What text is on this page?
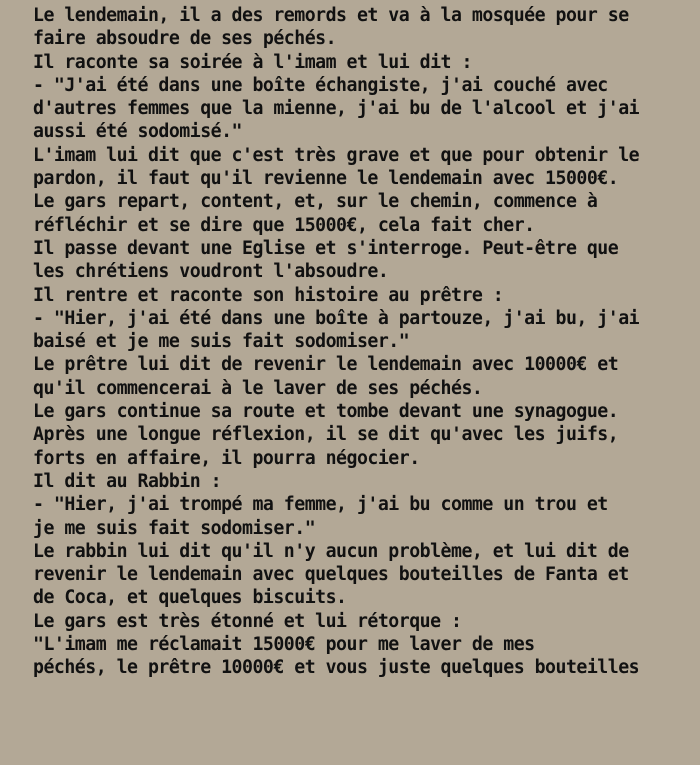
Le lendemain, il a des remords et va à la mosquée pour se
faire absoudre de ses péchés.
Il raconte sa soirée à l'imam et lui dit :
- "J'ai été dans une boîte échangiste, j'ai couché avec
d'autres femmes que la mienne, j'ai bu de l'alcool et j'ai
aussi été sodomisé."
L'imam lui dit que c'est très grave et que pour obtenir le
pardon, il faut qu'il revienne le lendemain avec 15000€.
Le gars repart, content, et, sur le chemin, commence à
réfléchir et se dire que 15000€, cela fait cher.
Il passe devant une Eglise et s'interroge. Peut-être que
les chrétiens voudront l'absoudre.
Il rentre et raconte son histoire au prêtre :
- "Hier, j'ai été dans une boîte à partouze, j'ai bu, j'ai
baisé et je me suis fait sodomiser."
Le prêtre lui dit de revenir le lendemain avec 10000€ et
qu'il commencerai à le laver de ses péchés.
Le gars continue sa route et tombe devant une synagogue.
Après une longue réflexion, il se dit qu'avec les juifs,
forts en affaire, il pourra négocier.
Il dit au Rabbin :
- "Hier, j'ai trompé ma femme, j'ai bu comme un trou et
je me suis fait sodomiser."
Le rabbin lui dit qu'il n'y aucun problème, et lui dit de
revenir le lendemain avec quelques bouteilles de Fanta et
de Coca, et quelques biscuits.
Le gars est très étonné et lui rétorque :
"L'imam me réclamait 15000€ pour me laver de mes
péchés, le prêtre 10000€ et vous juste quelques bouteilles
